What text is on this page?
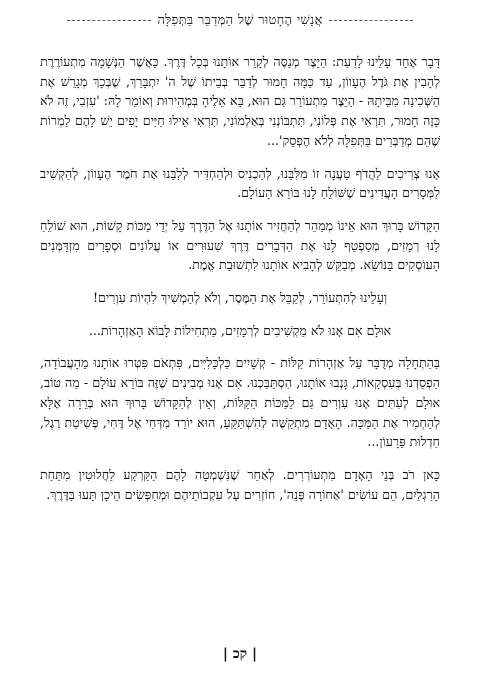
אֲנָשִׁי הֶחָטוּר שֶׁל הַמְּדַבֵּר בַּתְּפִלָּה

דָּבָר אֶחָד עָלֵינוּ לָדַעַת: הַיֵּצֶר מְנַסֶּה לְקָרֵר אוֹתָנוּ בְּכָל דֶּרֶךְ. כַּאֲשֶׁר הַנְּשָׁמָה מִתְעוֹרֶרֶת לְהָבִין אֶת גֹּדֶל הֶעָווֹן, עַד כַּמָּה חָמוּר לְדַבֵּר בְּבֵיתוֹ שֶׁל ה' יִתְבָּרַךְ, שֶׁבְּכָךְ מְגָרֵשׁ אֶת הַשְּׁכִינָה מִבֵּיתָהּ - הַיֵּצֶר מִתְעוֹרֵר גַּם הוּא, בָּא אֵלֶיהָ בְּמְהִירוּת וְאוֹמֵר לָהּ: 'עִזְבִי, זֶה לֹא כָּזֶה חָמוּר, תִּרְאִי אֶת פְּלוֹנִי, תִּתְבּוֹנְנִי בְּאַלְמוֹנִי, תִּרְאִי אֵילוּ חַיִּים יָפִים יֵשׁ לָהֶם לַמְרוֹת שֶׁהֵם מְדַבְּרִים בַּתְּפִלָּה לְלֹא הֶפְסֵק'...

אָנוּ צְרִיכִים לַהֲדֹף טַעֲנָה זוֹ מִלִּבֵּנוּ, לְהַכְנִיס וּלְהַחְדִּיר לְלִבֵּנוּ אֶת חֹמֶר הֶעָווֹן, לְהַקְשִׁיב לַמְּסָרִים הָעֲדִינִים שֶׁשּׁוֹלֵחַ לָנוּ בּוֹרֵא הָעוֹלָם.

הַקָּדוֹשׁ בָּרוּךְ הוּא אֵינוֹ מְמַהֵר לְהַחֲזִיר אוֹתָנוּ אֶל הַדֶּרֶךְ עַל יְדֵי מַכּוֹת קָשׁוֹת, הוּא שׁוֹלֵחַ לָנוּ רְמָזִים, מְסַפְטֵף לָנוּ אֶת הַדְּבָרִים דֶּרֶךְ שִׁעוּרִים אוֹ עֲלוֹנִים וּסְפָרִים מִזְדַּמְּנִים הָעוֹסְקִים בַּנּוֹשֵׂא. מְבַקֵּשׁ לְהָבִיא אוֹתָנוּ לִתְשׁוּבַת אֱמֶת.

וְעָלֵינוּ לְהִתְעוֹרֵר, לְקַבֵּל אֶת הַמֶּסֶר, וְלֹא לְהַמְשִׁיךְ לִהְיוֹת עִוְרִים!

אוּלָם אִם אָנוּ לֹא מַקְשִׁיבִים לְרְמָזִים, מַתְחִילוֹת לָבוֹא הָאַזְהָרוֹת...

בַּהַתְחָלָה מְדֻבָּר עַל אַזְהָרוֹת קַלּוֹת - קְשָׁיִים כַּלְכָּלִיִּים, פִּתְאֹם פִּטְּרוּ אוֹתָנוּ מֵהָעֲבוֹדָה, הַפְסַדְנוּ בְּעִסְקָאוֹת, גָּנְבוּ אוֹתָנוּ, הִסְתַּבַּכְנוּ. אִם אָנוּ מְבִינִים שֶׁזֶּה בּוֹרֵא עוֹלָם - מַה טּוֹב, אוּלָם לְעִתִּים אָנוּ עִוְרִים גַּם לַמַּכּוֹת הַקַּלּוֹת, וְאֵין לְהַקָּדוֹשׁ בָּרוּךְ הוּא בְּרֵרָה אֶלָּא לְהַחְמִיר אֶת הַמַּכָּה. הָאָדָם מִתְקַשֶּׁה לְהִשְׁתַּקֵּעַ, הוּא יוֹרֵד מִדְּחִי אֶל דֶּחִי, פְּשִׁיטַת רֶגֶל, חַדְלוּת פֵּרָעוֹן...

כָּאן רֹב בְּנֵי הָאָדָם מִתְעוֹרְרִים. לְאַחַר שֶׁנִּשְׁמְטָה לָהֶם הַקַּרְקַע לַחֲלוּטִין מִתַּחַת הָרַגְלַיִם, הֵם עוֹשִׂים 'אַחוֹרָה פְּנֵה', חוֹזְרִים עַל עִקְבוֹתֵיהֶם וּמְחַפְּשִׂים הֵיכָן תָּעוּ בַּדֶּרֶךְ.

| קכ |
